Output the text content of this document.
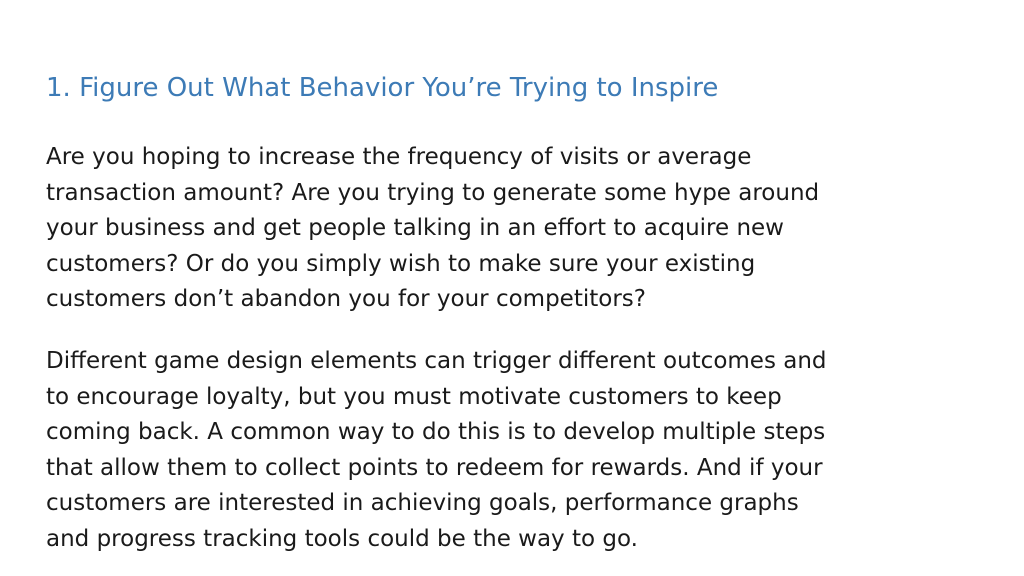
1. Figure Out What Behavior You’re Trying to Inspire

Are you hoping to increase the frequency of visits or average
transaction amount? Are you trying to generate some hype around
your business and get people talking in an effort to acquire new
customers? Or do you simply wish to make sure your existing
customers don’t abandon you for your competitors?

Different game design elements can trigger different outcomes and
to encourage loyalty, but you must motivate customers to keep
coming back. A common way to do this is to develop multiple steps
that allow them to collect points to redeem for rewards. And if your
customers are interested in achieving goals, performance graphs
and progress tracking tools could be the way to go.
